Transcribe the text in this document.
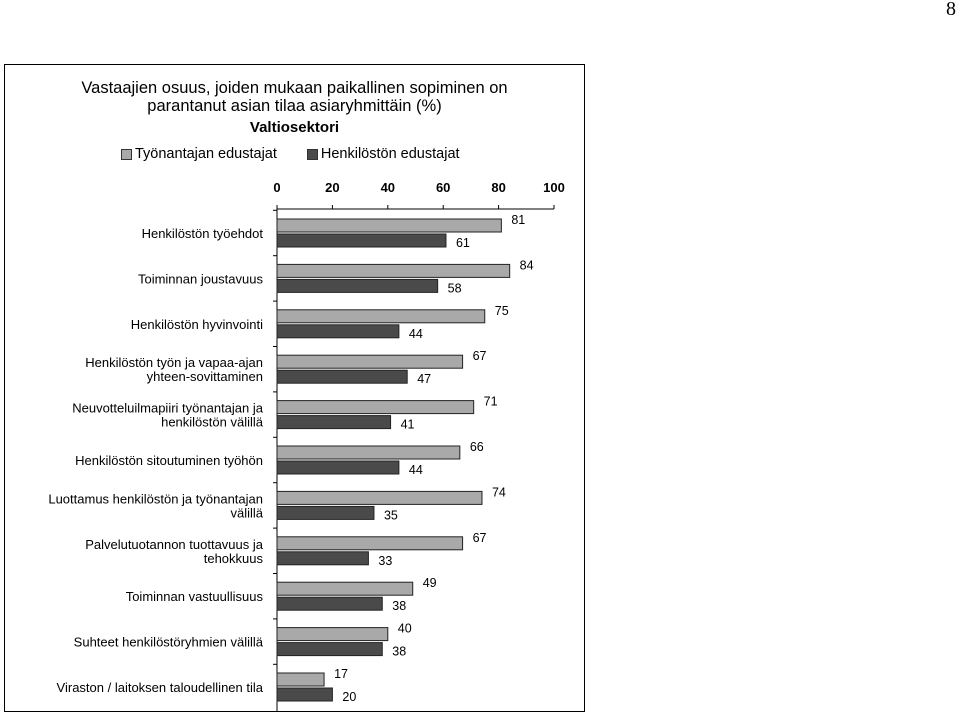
8
Vastaajien osuus, joiden mukaan paikallinen sopiminen on
parantanut asian tilaa asiaryhmittäin (%)
Valtiosektori
Työnantajan edustajat	Henkilöstön edustajat
0	20	40	60	80	100
Henkilöstön työehdot
81
61
Toiminnan joustavuus
84
58
Henkilöstön hyvinvointi
75
44
Henkilöstön työn ja vapaa-ajan
yhteen-sovittaminen
67
47
Neuvotteluilmapiiri työnantajan ja
henkilöstön välillä
71
41
Henkilöstön sitoutuminen työhön
66
44
Luottamus henkilöstön ja työnantajan
välillä
74
35
Palvelutuotannon tuottavuus ja
tehokkuus
67
33
Toiminnan vastuullisuus
49
38
Suhteet henkilöstöryhmien välillä
40
38
Viraston / laitoksen taloudellinen tila
17
20
